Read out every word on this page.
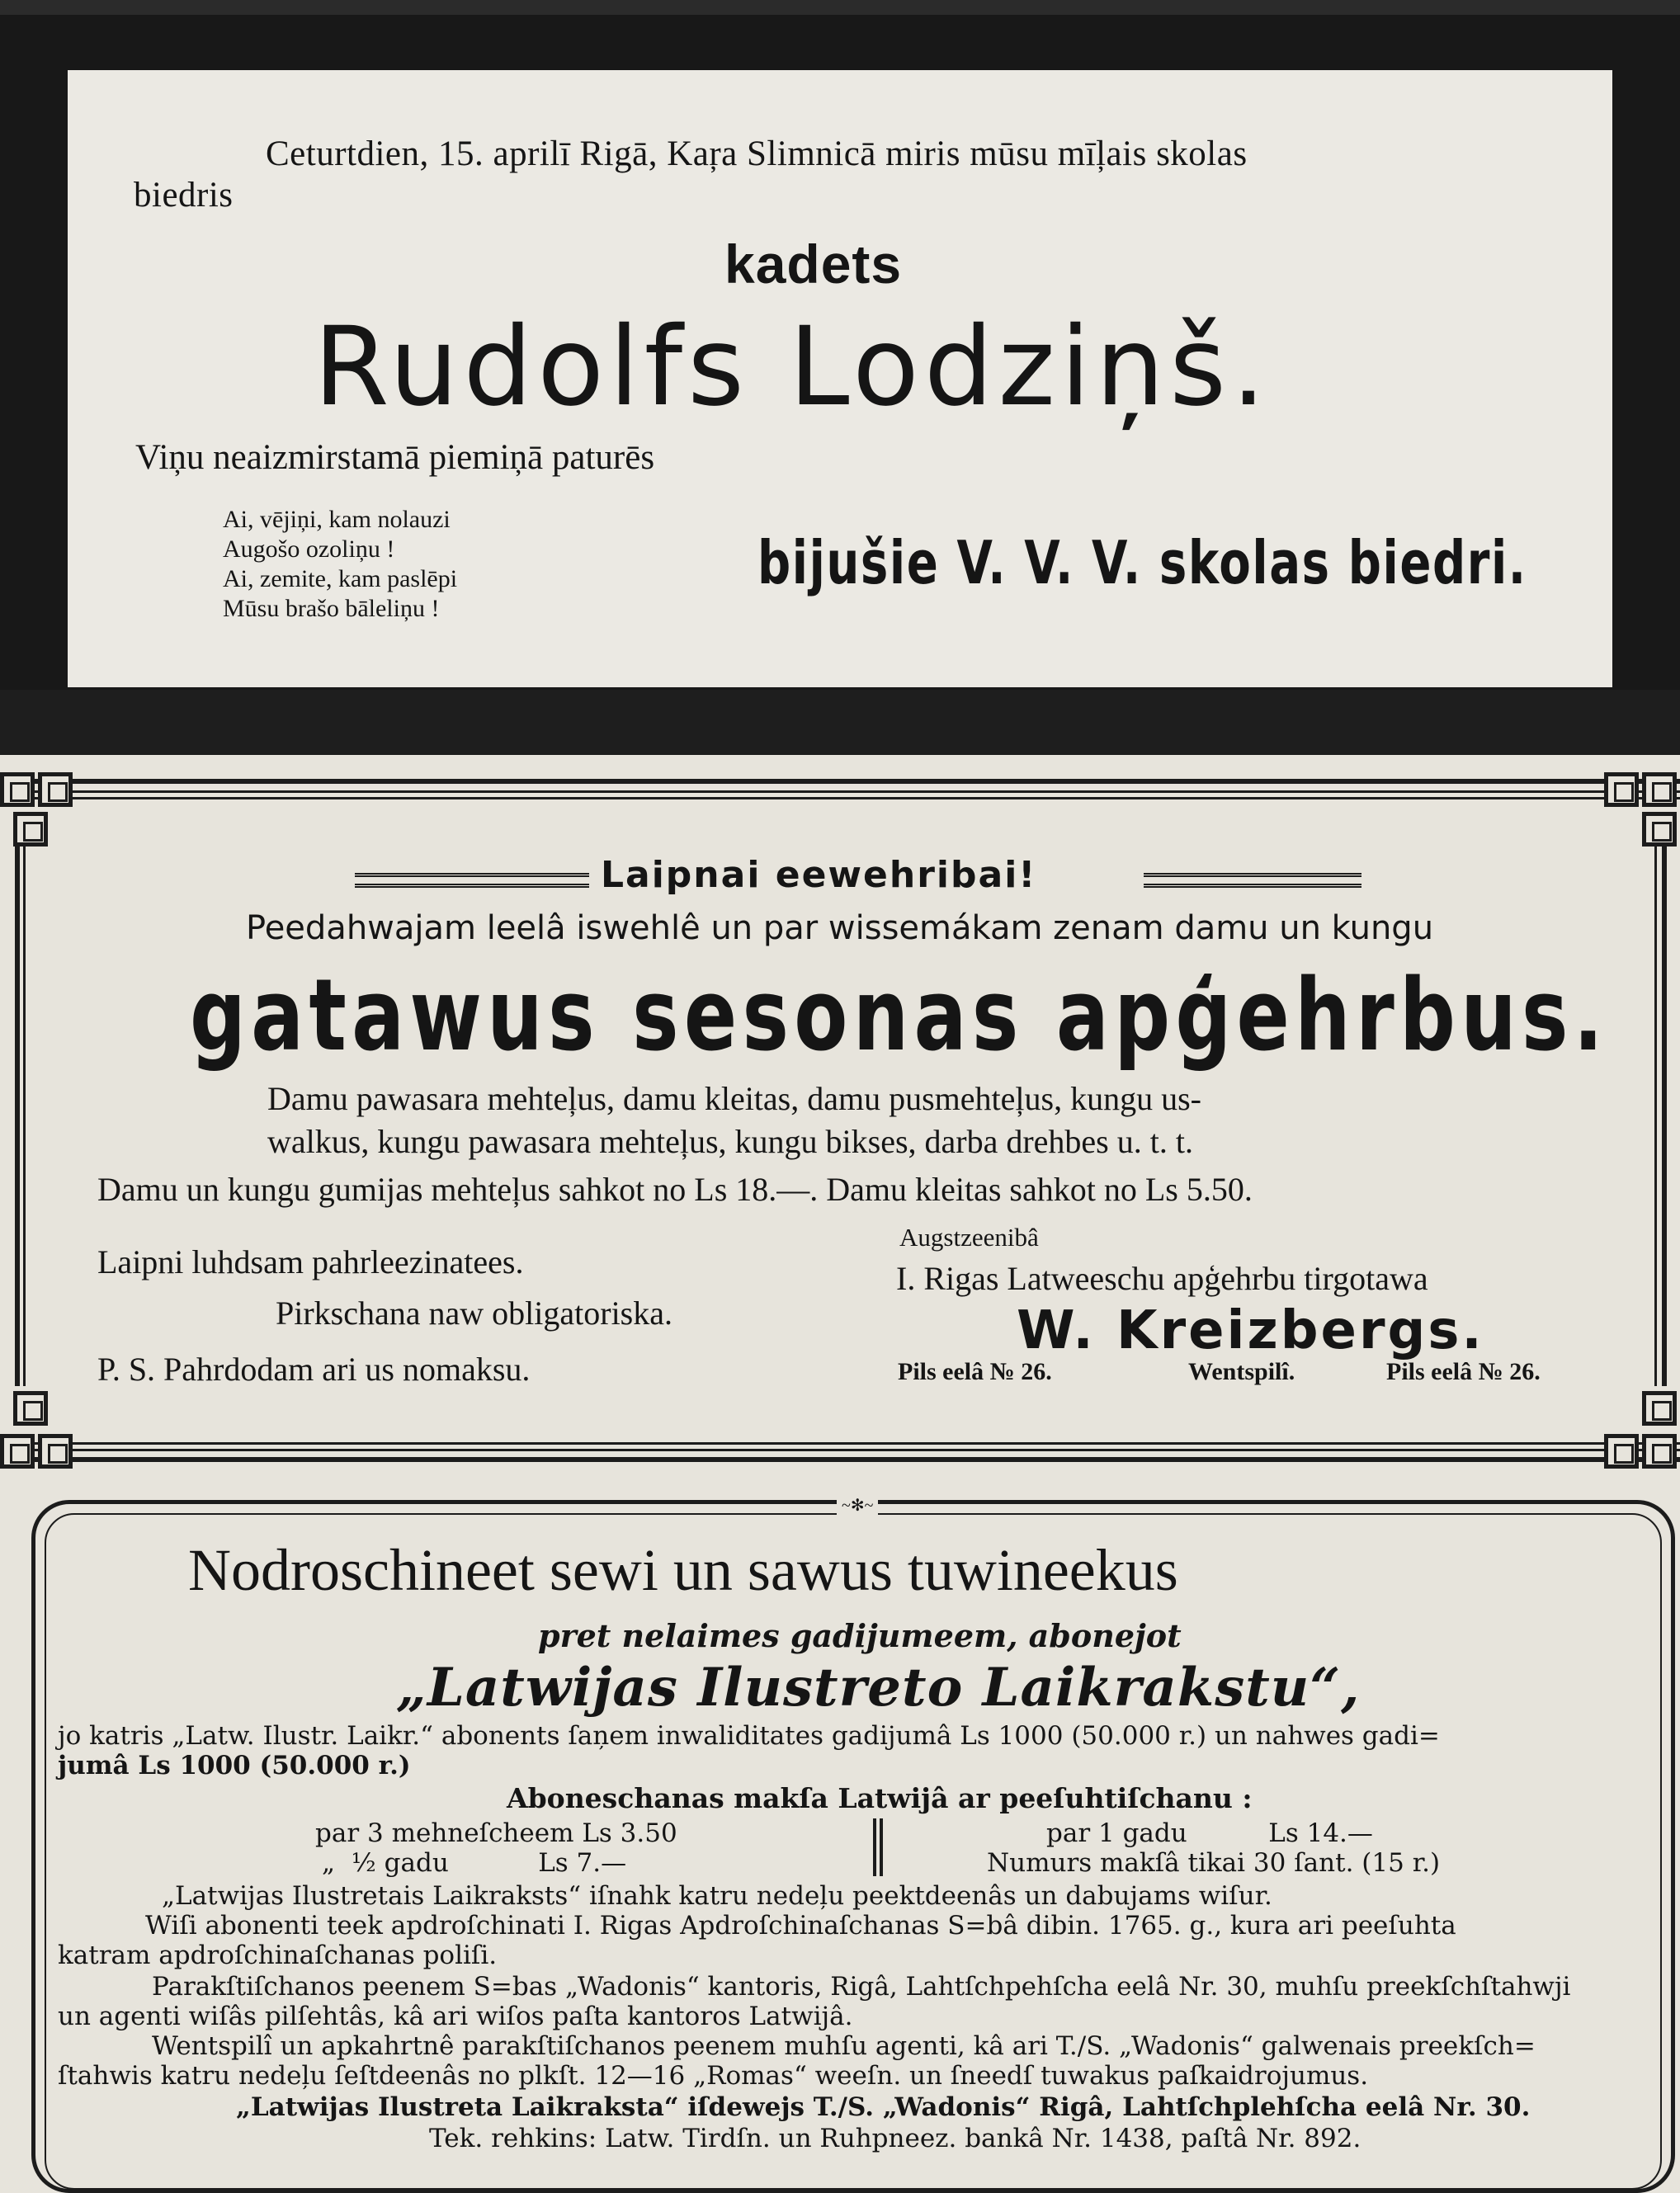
Ceturtdien, 15. aprilī Rigā, Kaŗa Slimnicā miris mūsu mīļais skolas
biedris
kadets
Rudolfs Lodziņš.
Viņu neaizmirstamā piemiņā paturēs
Ai, vējiņi, kam nolauzi
Augošo ozoliņu !
Ai, zemite, kam paslēpi
Mūsu brašo bāleliņu !
bijušie V. V. V. skolas biedri.
Laipnai eewehribai!
Peedahwajam leelâ iswehlê un par wissemákam zenam damu un kungu
gatawus sesonas apģehrbus.
Damu pawasara mehteļus, damu kleitas, damu pusmehteļus, kungu us-
walkus, kungu pawasara mehteļus, kungu bikses, darba drehbes u. t. t.
Damu un kungu gumijas mehteļus sahkot no Ls 18.—. Damu kleitas sahkot no Ls 5.50.
Laipni luhdsam pahrleezinatees.
Pirkschana naw obligatoriska.
P. S. Pahrdodam ari us nomaksu.
Augstzeenibâ
I. Rigas Latweeschu apģehrbu tirgotawa
W. Kreizbergs.
Pils eelâ № 26.	Wentspilî.	Pils eelâ № 26.
~✻~
Nodroschineet sewi un sawus tuwineekus
pret nelaimes gadijumeem, abonejot
„Latwijas Ilustreto Laikrakstu“,
jo katris „Latw. Ilustr. Laikr.“ abonents ſaņem inwaliditates gadijumâ Ls 1000 (50.000 r.) un nahwes gadi=
jumâ Ls 1000 (50.000 r.)
Aboneschanas makſa Latwijâ ar peeſuhtiſchanu :
par 3 mehneſcheem Ls 3.50
„  ½ gadu           Ls 7.—
par 1 gadu          Ls 14.—
Numurs makſâ tikai 30 ſant. (15 r.)
„Latwijas Ilustretais Laikraksts“ iſnahk katru nedeļu peektdeenâs un dabujams wiſur.
Wiſi abonenti teek apdroſchinati I. Rigas Apdroſchinaſchanas S=bâ dibin. 1765. g., kura ari peeſuhta
katram apdroſchinaſchanas poliſi.
Parakſtiſchanos peenem S=bas „Wadonis“ kantoris, Rigâ, Lahtſchpehſcha eelâ Nr. 30, muhſu preekſchſtahwji
un agenti wiſâs pilſehtâs, kâ ari wiſos paſta kantoros Latwijâ.
Wentspilî un apkahrtnê parakſtiſchanos peenem muhſu agenti, kâ ari T./S. „Wadonis“ galwenais preekſch=
ſtahwis katru nedeļu ſeſtdeenâs no plkſt. 12—16 „Romas“ weeſn. un ſneedſ tuwakus paſkaidrojumus.
„Latwijas Ilustreta Laikraksta“ iſdewejs T./S. „Wadonis“ Rigâ, Lahtſchplehſcha eelâ Nr. 30.
Tek. rehkins: Latw. Tirdſn. un Ruhpneez. bankâ Nr. 1438, paſtâ Nr. 892.
